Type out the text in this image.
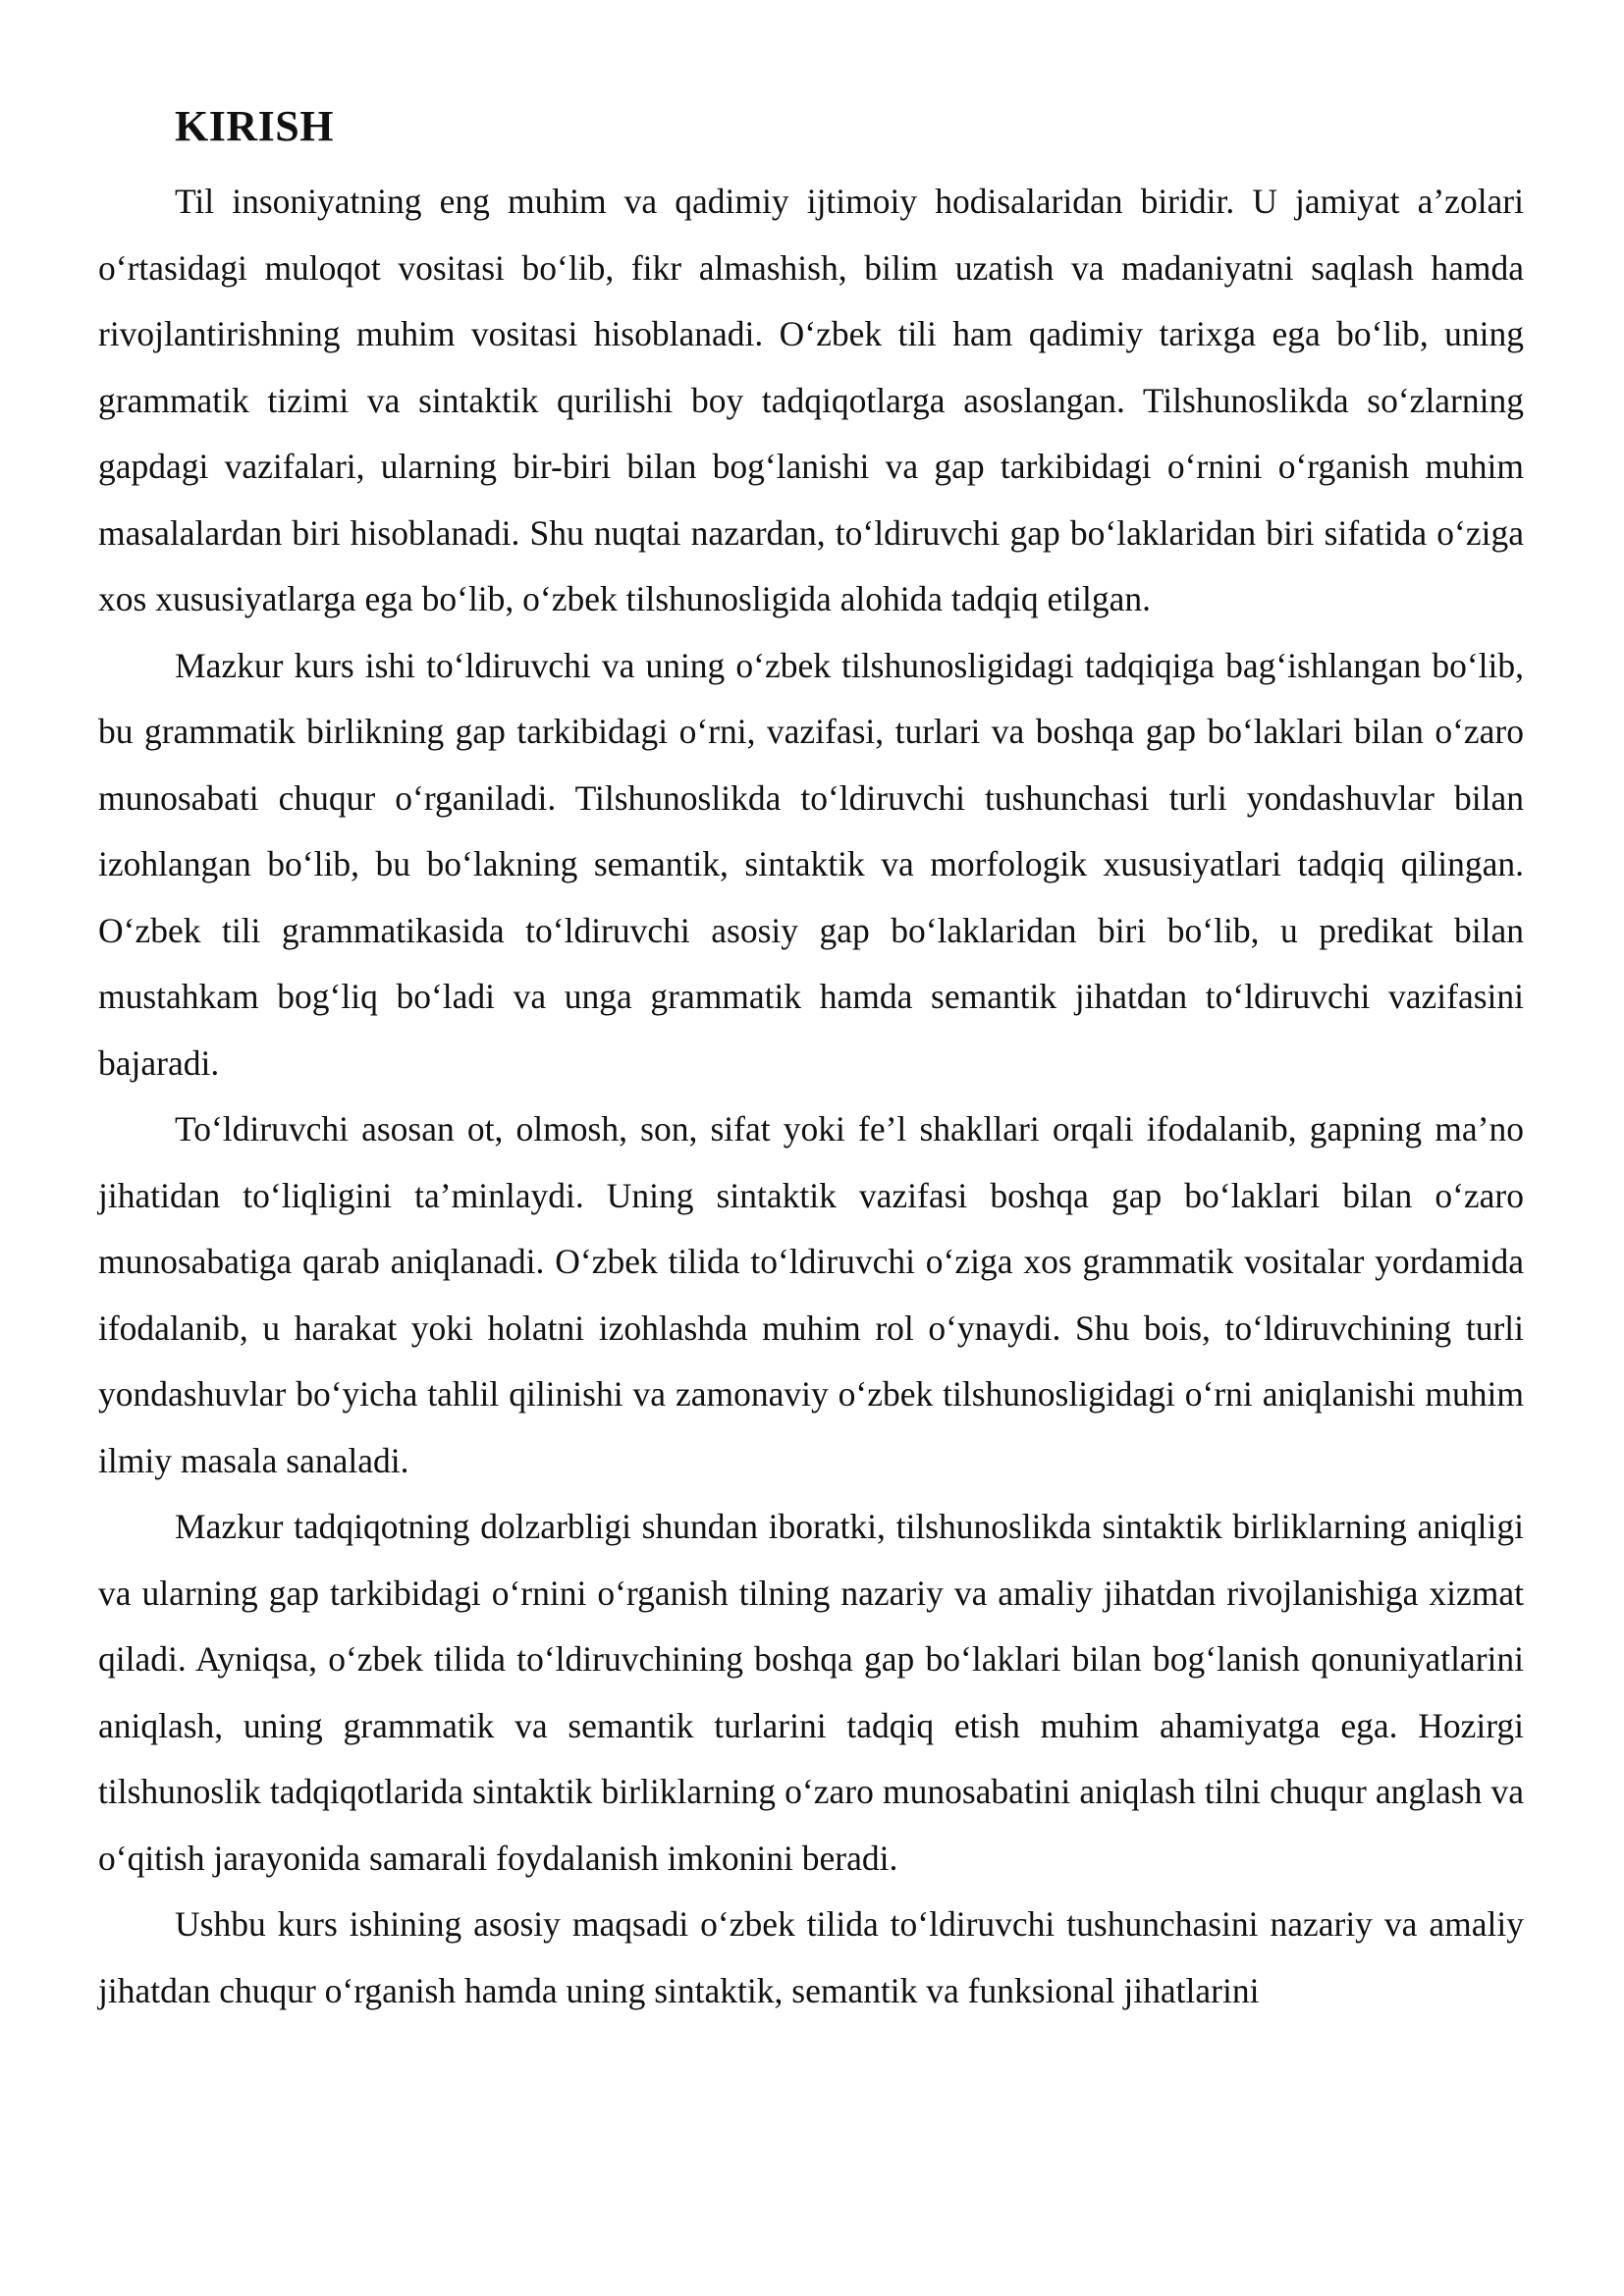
KIRISH

Til insoniyatning eng muhim va qadimiy ijtimoiy hodisalaridan biridir. U jamiyat a’zolari o‘rtasidagi muloqot vositasi bo‘lib, fikr almashish, bilim uzatish va madaniyatni saqlash hamda rivojlantirishning muhim vositasi hisoblanadi. O‘zbek tili ham qadimiy tarixga ega bo‘lib, uning grammatik tizimi va sintaktik qurilishi boy tadqiqotlarga asoslangan. Tilshunoslikda so‘zlarning gapdagi vazifalari, ularning bir-biri bilan bog‘lanishi va gap tarkibidagi o‘rnini o‘rganish muhim masalalardan biri hisoblanadi. Shu nuqtai nazardan, to‘ldiruvchi gap bo‘laklaridan biri sifatida o‘ziga xos xususiyatlarga ega bo‘lib, o‘zbek tilshunosligida alohida tadqiq etilgan.

Mazkur kurs ishi to‘ldiruvchi va uning o‘zbek tilshunosligidagi tadqiqiga bag‘ishlangan bo‘lib, bu grammatik birlikning gap tarkibidagi o‘rni, vazifasi, turlari va boshqa gap bo‘laklari bilan o‘zaro munosabati chuqur o‘rganiladi. Tilshunoslikda to‘ldiruvchi tushunchasi turli yondashuvlar bilan izohlangan bo‘lib, bu bo‘lakning semantik, sintaktik va morfologik xususiyatlari tadqiq qilingan. O‘zbek tili grammatikasida to‘ldiruvchi asosiy gap bo‘laklaridan biri bo‘lib, u predikat bilan mustahkam bog‘liq bo‘ladi va unga grammatik hamda semantik jihatdan to‘ldiruvchi vazifasini bajaradi.

To‘ldiruvchi asosan ot, olmosh, son, sifat yoki fe’l shakllari orqali ifodalanib, gapning ma’no jihatidan to‘liqligini ta’minlaydi. Uning sintaktik vazifasi boshqa gap bo‘laklari bilan o‘zaro munosabatiga qarab aniqlanadi. O‘zbek tilida to‘ldiruvchi o‘ziga xos grammatik vositalar yordamida ifodalanib, u harakat yoki holatni izohlashda muhim rol o‘ynaydi. Shu bois, to‘ldiruvchining turli yondashuvlar bo‘yicha tahlil qilinishi va zamonaviy o‘zbek tilshunosligidagi o‘rni aniqlanishi muhim ilmiy masala sanaladi.

Mazkur tadqiqotning dolzarbligi shundan iboratki, tilshunoslikda sintaktik birliklarning aniqligi va ularning gap tarkibidagi o‘rnini o‘rganish tilning nazariy va amaliy jihatdan rivojlanishiga xizmat qiladi. Ayniqsa, o‘zbek tilida to‘ldiruvchining boshqa gap bo‘laklari bilan bog‘lanish qonuniyatlarini aniqlash, uning grammatik va semantik turlarini tadqiq etish muhim ahamiyatga ega. Hozirgi tilshunoslik tadqiqotlarida sintaktik birliklarning o‘zaro munosabatini aniqlash tilni chuqur anglash va o‘qitish jarayonida samarali foydalanish imkonini beradi.

Ushbu kurs ishining asosiy maqsadi o‘zbek tilida to‘ldiruvchi tushunchasini nazariy va amaliy jihatdan chuqur o‘rganish hamda uning sintaktik, semantik va funksional jihatlarini
